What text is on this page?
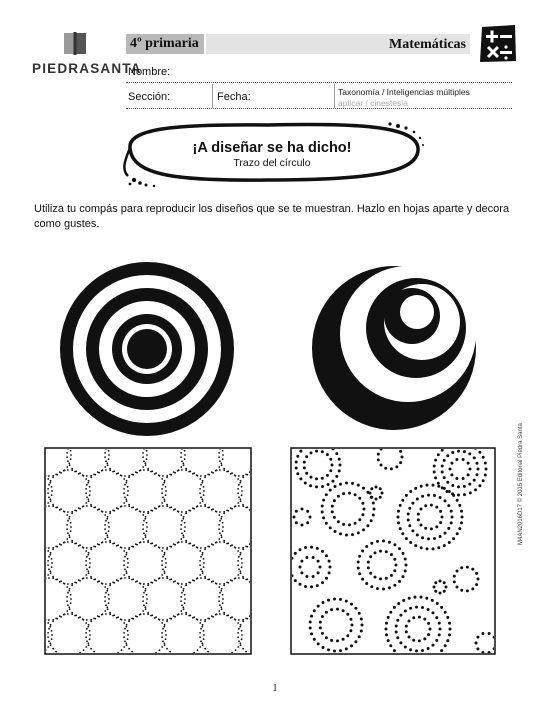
PIEDRASANTA
4º primaria	Matemáticas
Nombre:
Sección:	Fecha:	Taxonomía / Inteligencias múltiples
aplicar / cinestesia
¡A diseñar se ha dicho!
Trazo del círculo
Utiliza tu compás para reproducir los diseños que se te muestran. Hazlo en hojas aparte y decora como gustes.
M4AN2016D17 © 2015 Editorial Piedra Santa
1
